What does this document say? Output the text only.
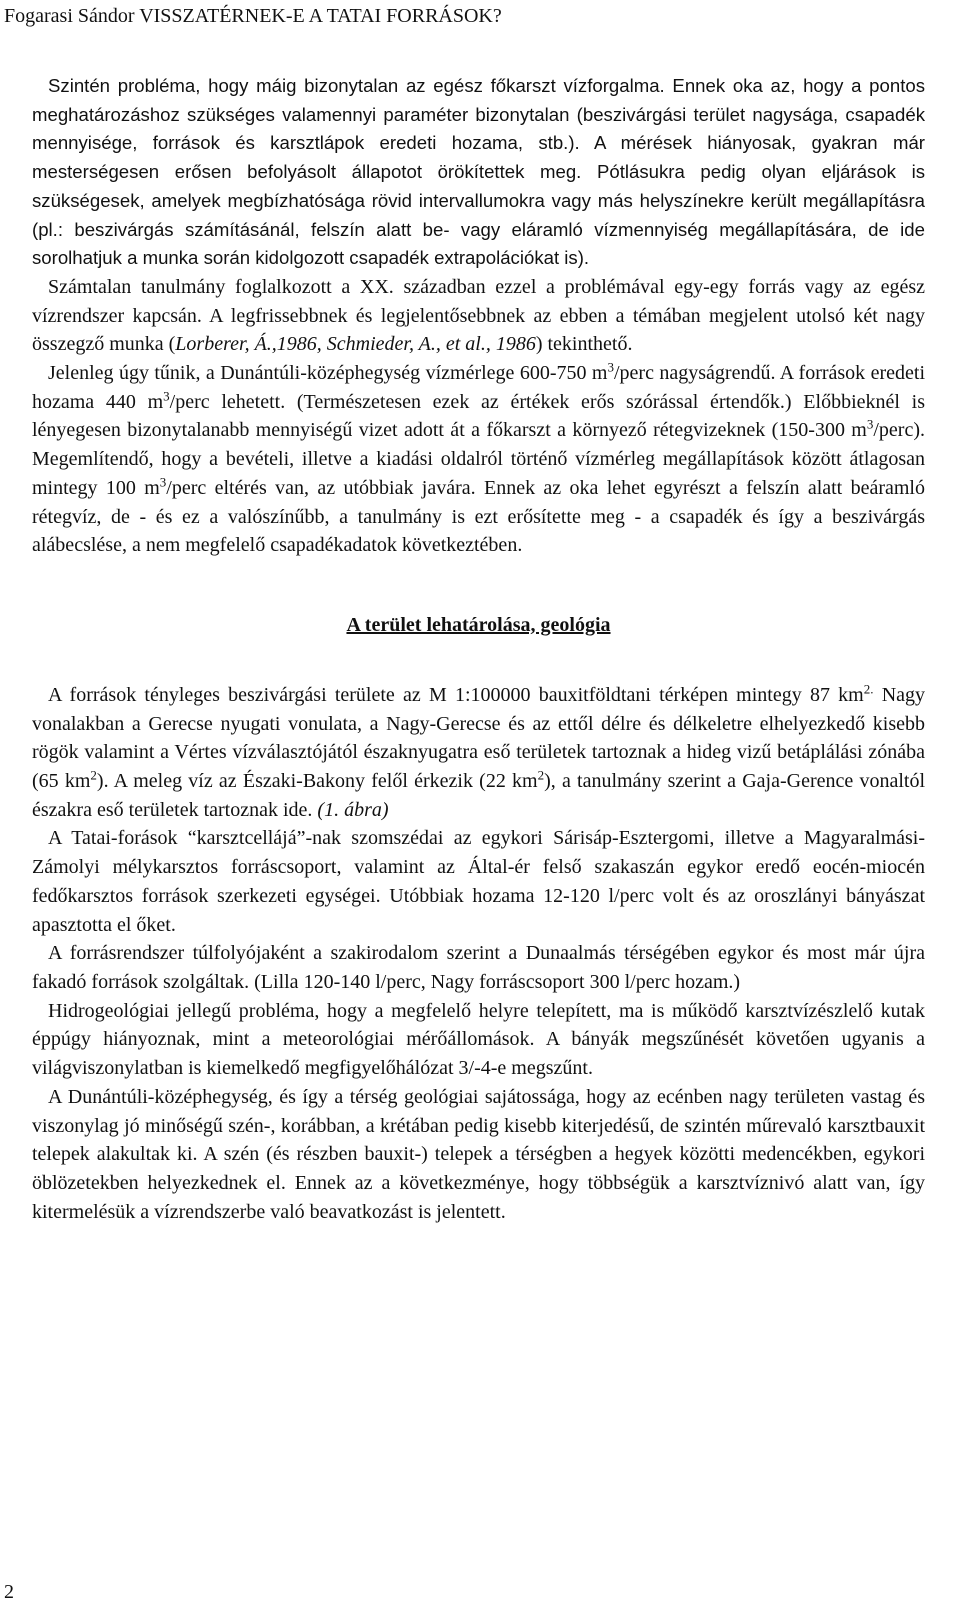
Fogarasi Sándor VISSZATÉRNEK-E A TATAI FORRÁSOK?

Szintén probléma, hogy máig bizonytalan az egész főkarszt vízforgalma. Ennek oka az, hogy a pontos meghatározáshoz szükséges valamennyi paraméter bizonytalan (beszivárgási terület nagysága, csapadék mennyisége, források és karsztlápok eredeti hozama, stb.). A mérések hiányosak, gyakran már mesterségesen erősen befolyásolt állapotot örökítettek meg. Pótlásukra pedig olyan eljárások is szükségesek, amelyek megbízhatósága rövid intervallumokra vagy más helyszínekre került megállapításra (pl.: beszivárgás számításánál, felszín alatt be- vagy eláramló vízmennyiség megállapítására, de ide sorolhatjuk a munka során kidolgozott csapadék extrapolációkat is).

Számtalan tanulmány foglalkozott a XX. században ezzel a problémával egy-egy forrás vagy az egész vízrendszer kapcsán. A legfrissebbnek és legjelentősebbnek az ebben a témában megjelent utolsó két nagy összegző munka (Lorberer, Á.,1986, Schmieder, A., et al., 1986) tekinthető.

Jelenleg úgy tűnik, a Dunántúli-középhegység vízmérlege 600-750 $m^3$/perc nagyságrendű. A források eredeti hozama 440 $m^3$/perc lehetett. (Természetesen ezek az értékek erős szórással értendők.) Előbbieknél is lényegesen bizonytalanabb mennyiségű vizet adott át a főkarszt a környező rétegvizeknek (150-300 $m^3/perc$). Megemlítendő, hogy a bevételi, illetve a kiadási oldalról történő vízmérleg megállapítások között átlagosan mintegy 100 $m^3$/perc eltérés van, az utóbbiak javára. Ennek az oka lehet egyrészt a felszín alatt beáramló rétegvíz, de - és ez a valószínűbb, a tanulmány is ezt erősítette meg - a csapadék és így a beszivárgás alábecslése, a nem megfelelő csapadékadatok következtében.

A terület lehatárolása, geológia

A források tényleges beszivárgási területe az M 1:100000 bauxitföldtani térképen mintegy 87 $km^{2.}$ Nagy vonalakban a Gerecse nyugati vonulata, a Nagy-Gerecse és az ettől délre és délkeletre elhelyezkedő kisebb rögök valamint a Vértes vízválasztójától északnyugatra eső területek tartoznak a hideg vizű betáplálási zónába (65 $km^2$). A meleg víz az Északi-Bakony felől érkezik (22 $km^2$), a tanulmány szerint a Gaja-Gerence vonaltól északra eső területek tartoznak ide. (1. ábra)

A Tatai-forások “karsztcellájá”-nak szomszédai az egykori Sárisáp-Esztergomi, illetve a Magyaralmási-Zámolyi mélykarsztos forráscsoport, valamint az Által-ér felső szakaszán egykor eredő eocén-miocén fedőkarsztos források szerkezeti egységei. Utóbbiak hozama 12-120 l/perc volt és az oroszlányi bányászat apasztotta el őket.

A forrásrendszer túlfolyójaként a szakirodalom szerint a Dunaalmás térségében egykor és most már újra fakadó források szolgáltak. (Lilla 120-140 l/perc, Nagy forráscsoport 300 l/perc hozam.)

Hidrogeológiai jellegű probléma, hogy a megfelelő helyre telepített, ma is működő karsztvízészlelő kutak éppúgy hiányoznak, mint a meteorológiai mérőállomások. A bányák megszűnését követően ugyanis a világviszonylatban is kiemelkedő megfigyelőhálózat 3/-4-e megszűnt.

A Dunántúli-középhegység, és így a térség geológiai sajátossága, hogy az ecénben nagy területen vastag és viszonylag jó minőségű szén-, korábban, a krétában pedig kisebb kiterjedésű, de szintén műrevaló karsztbauxit telepek alakultak ki. A szén (és részben bauxit-) telepek a térségben a hegyek közötti medencékben, egykori öblözetekben helyezkednek el. Ennek az a következménye, hogy többségük a karsztvízniv​ó alatt van, így kitermelésük a vízrendszerbe való beavatkozást is jelentett.

2
